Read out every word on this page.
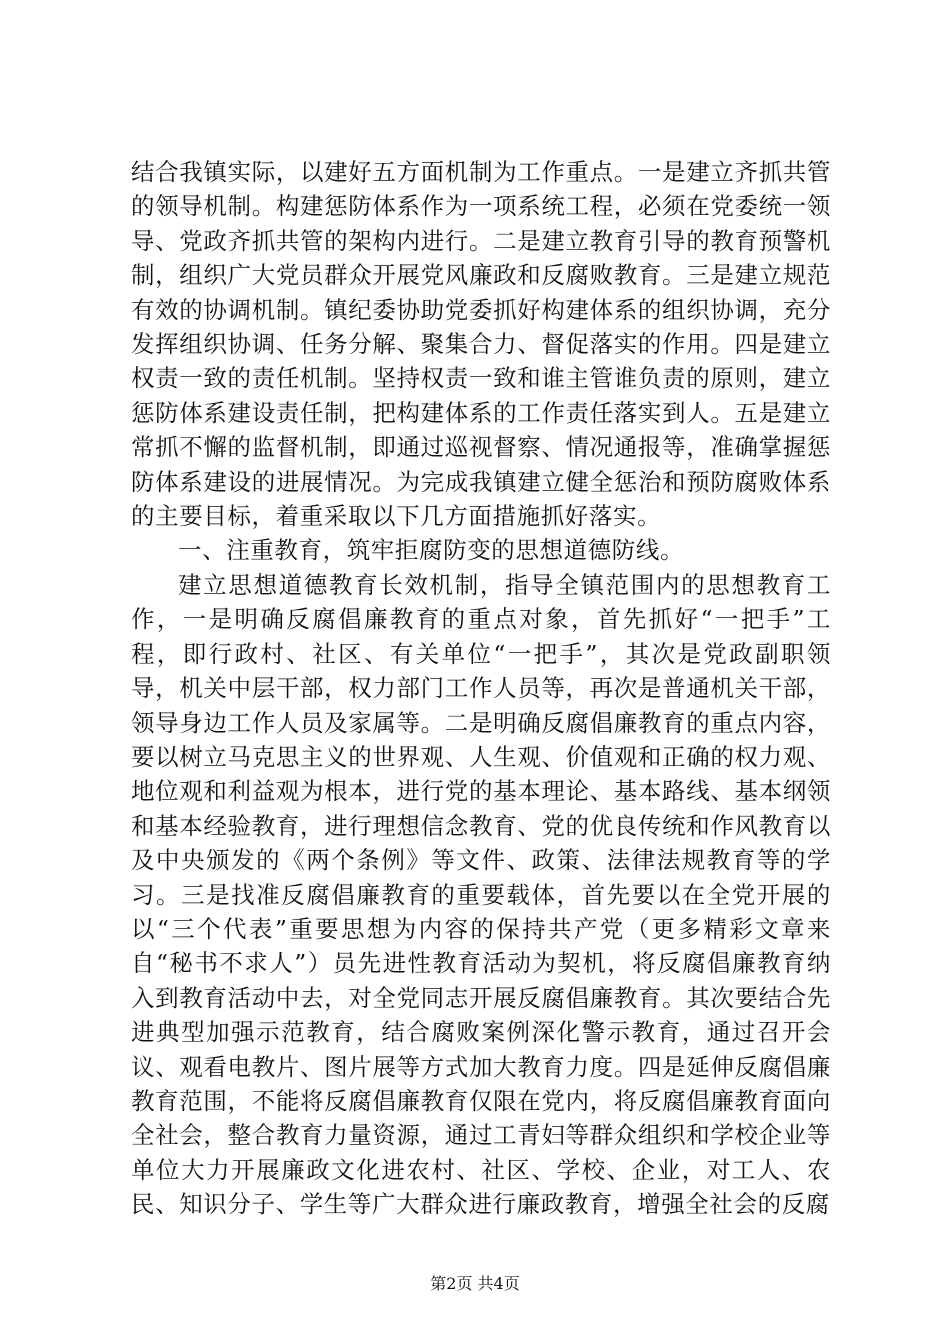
结合我镇实际，以建好五方面机制为工作重点。一是建立齐抓共管的领导机制。构建惩防体系作为一项系统工程，必须在党委统一领导、党政齐抓共管的架构内进行。二是建立教育引导的教育预警机制，组织广大党员群众开展党风廉政和反腐败教育。三是建立规范有效的协调机制。镇纪委协助党委抓好构建体系的组织协调，充分发挥组织协调、任务分解、聚集合力、督促落实的作用。四是建立权责一致的责任机制。坚持权责一致和谁主管谁负责的原则，建立惩防体系建设责任制，把构建体系的工作责任落实到人。五是建立常抓不懈的监督机制，即通过巡视督察、情况通报等，准确掌握惩防体系建设的进展情况。为完成我镇建立健全惩治和预防腐败体系的主要目标，着重采取以下几方面措施抓好落实。

一、注重教育，筑牢拒腐防变的思想道德防线。

建立思想道德教育长效机制，指导全镇范围内的思想教育工作，一是明确反腐倡廉教育的重点对象，首先抓好“一把手”工程，即行政村、社区、有关单位“一把手”，其次是党政副职领导，机关中层干部，权力部门工作人员等，再次是普通机关干部，领导身边工作人员及家属等。二是明确反腐倡廉教育的重点内容，要以树立马克思主义的世界观、人生观、价值观和正确的权力观、地位观和利益观为根本，进行党的基本理论、基本路线、基本纲领和基本经验教育，进行理想信念教育、党的优良传统和作风教育以及中央颁发的《两个条例》等文件、政策、法律法规教育等的学习。三是找准反腐倡廉教育的重要载体，首先要以在全党开展的以“三个代表”重要思想为内容的保持共产党（更多精彩文章来自“秘书不求人”）员先进性教育活动为契机，将反腐倡廉教育纳入到教育活动中去，对全党同志开展反腐倡廉教育。其次要结合先进典型加强示范教育，结合腐败案例深化警示教育，通过召开会议、观看电教片、图片展等方式加大教育力度。四是延伸反腐倡廉教育范围，不能将反腐倡廉教育仅限在党内，将反腐倡廉教育面向全社会，整合教育力量资源，通过工青妇等群众组织和学校企业等单位大力开展廉政文化进农村、社区、学校、企业，对工人、农民、知识分子、学生等广大群众进行廉政教育，增强全社会的反腐

第2页 共4页
